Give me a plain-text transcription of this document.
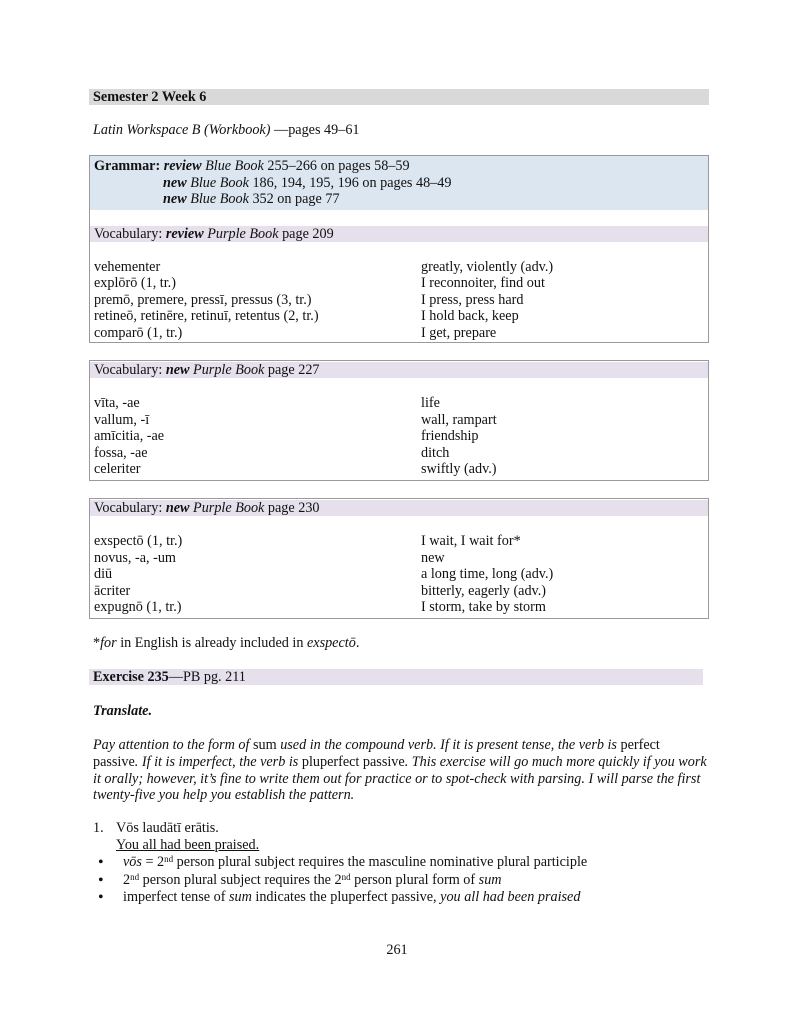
Semester 2 Week 6
Latin Workspace B (Workbook) —pages 49–61
Grammar: review Blue Book 255–266 on pages 58–59
new Blue Book 186, 194, 195, 196 on pages 48–49
new Blue Book 352 on page 77
Vocabulary: review Purple Book page 209
vehementer	greatly, violently (adv.)
explōrō (1, tr.)	I reconnoiter, find out
premō, premere, pressī, pressus (3, tr.)	I press, press hard
retineō, retinēre, retinuī, retentus (2, tr.)	I hold back, keep
comparō (1, tr.)	I get, prepare
Vocabulary: new Purple Book page 227
vīta, -ae	life
vallum, -ī	wall, rampart
amīcitia, -ae	friendship
fossa, -ae	ditch
celeriter	swiftly (adv.)
Vocabulary: new Purple Book page 230
exspectō (1, tr.)	I wait, I wait for*
novus, -a, -um	new
diū	a long time, long (adv.)
ācriter	bitterly, eagerly (adv.)
expugnō (1, tr.)	I storm, take by storm
*for in English is already included in exspectō.
Exercise 235—PB pg. 211
Translate.
Pay attention to the form of sum used in the compound verb. If it is present tense, the verb is perfect passive. If it is imperfect, the verb is pluperfect passive. This exercise will go much more quickly if you work it orally; however, it’s fine to write them out for practice or to spot-check with parsing. I will parse the first twenty-five you help you establish the pattern.
1. Vōs laudātī erātis.
You all had been praised.
• vōs = 2nd person plural subject requires the masculine nominative plural participle
• 2nd person plural subject requires the 2nd person plural form of sum
• imperfect tense of sum indicates the pluperfect passive, you all had been praised
261
